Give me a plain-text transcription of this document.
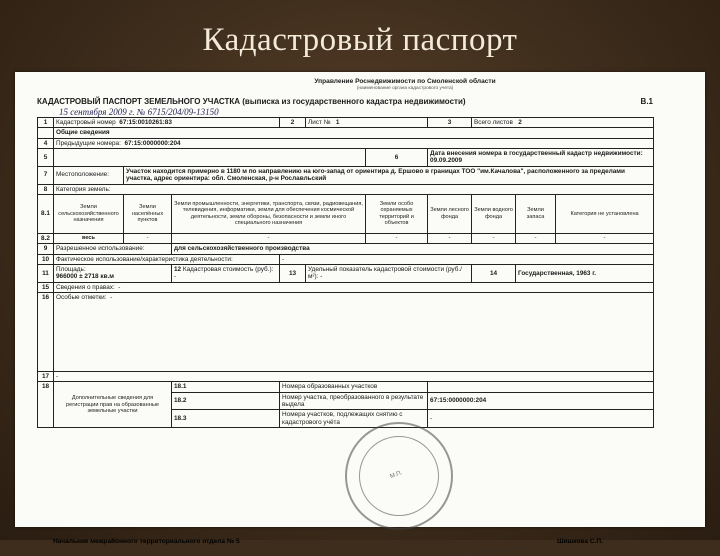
Кадастровый паспорт
Управление Роснедвижимости по Смоленской области
(наименование органа кадастрового учета)
КАДАСТРОВЫЙ ПАСПОРТ ЗЕМЕЛЬНОГО УЧАСТКА (выписка из государственного кадастра недвижимости)	В.1
15 сентября 2009 г. № 6715/204/09-13150
1	Кадастровый номер 67:15:0010261:83			2	Лист № 1		3	Всего листов 2		
	Общие сведения									
4	Предыдущие номера: 67:15:0000000:204									
5						6	Дата внесения номера в государственный кадастр недвижимости:
09.09.2009			
7	Местоположение:	Участок находится примерно в 1180 м по направлению на юго-запад от ориентира д. Ершово в границах ТОО "им.Качалова", расположенного за пределами участка, адрес ориентира: обл. Смоленская, р-н Рославльский								
8	Категория земель:									
8.1	Земли сельскохозяйственного назначения	Земли населённых пунктов	Земли промышленности, энергетики, транспорта, связи, радиовещания, телевидения, информатики, земли для обеспечения космической деятельности, земли обороны, безопасности и земли иного специального назначения			Земли особо охраняемых территорий и объектов	Земли лесного фонда	Земли водного фонда	Земли запаса	Категория не установлена
8.2	весь	-	-			-	-	-	-	-
9	Разрешенное использование:		для сельскохозяйственного производства							
10	Фактическое использование/характеристика деятельности:			-						
11	Площадь:
966000 ± 2718 кв.м		12 Кадастровая стоимость (руб.): -	13	Удельный показатель кадастровой стоимости (руб./м²): -			14	Государственная, 1963 г.	
15	Сведения о правах: -									
16	Особые отметки: -									
17	-									
18	Дополнительные сведения для регистрации прав на образованные земельные участки		18.1	Номера образованных участков						
			18.2	Номер участка, преобразованного в результате выдела			67:15:0000000:204			
			18.3	Номера участков, подлежащих снятию с кадастрового учёта			-			
М.П.
Начальник межрайонного территориального отдела № 5	Шишкова С.П.
